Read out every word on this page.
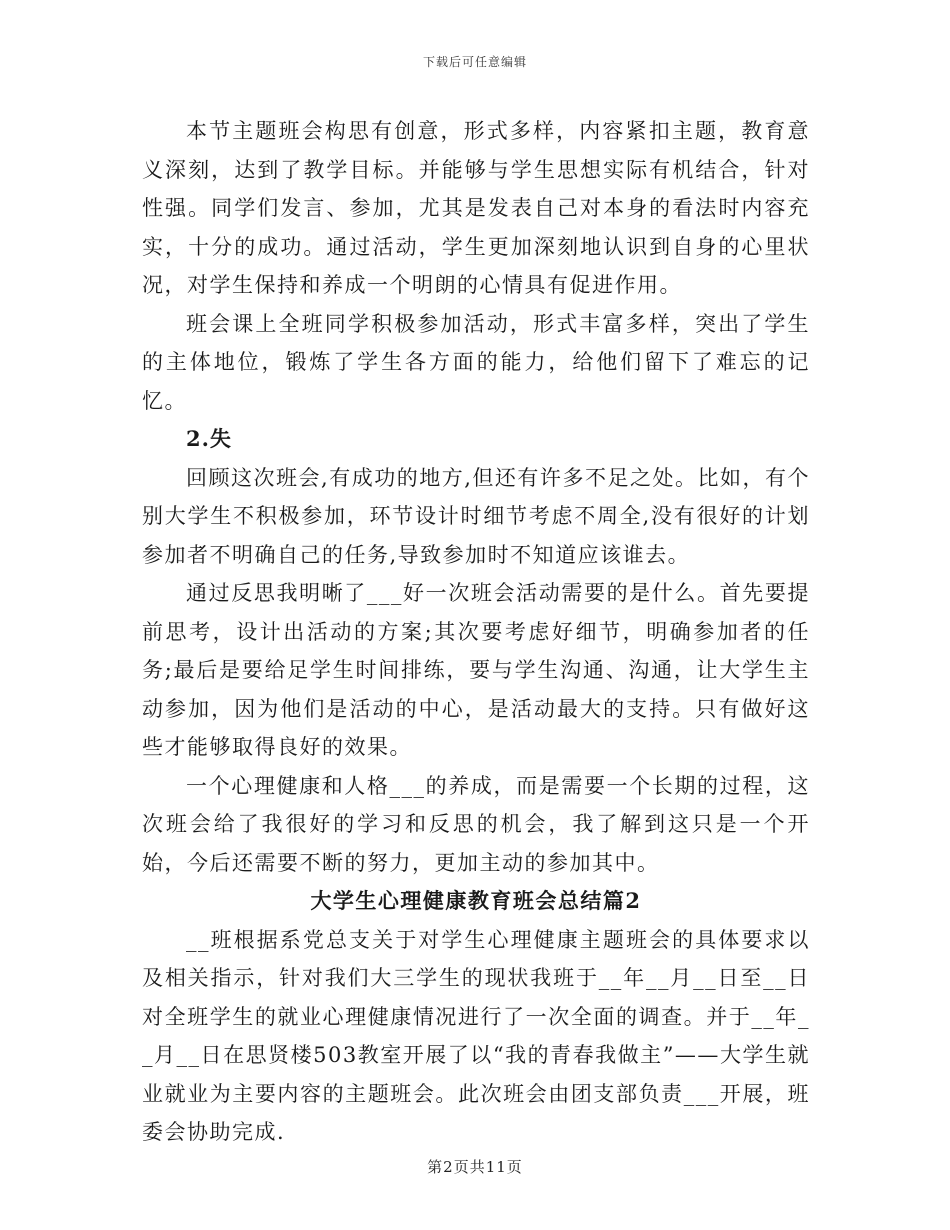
下载后可任意编辑

本节主题班会构思有创意，形式多样，内容紧扣主题，教育意义深刻，达到了教学目标。并能够与学生思想实际有机结合，针对性强。同学们发言、参加，尤其是发表自己对本身的看法时内容充实，十分的成功。通过活动，学生更加深刻地认识到自身的心里状况，对学生保持和养成一个明朗的心情具有促进作用。

班会课上全班同学积极参加活动，形式丰富多样，突出了学生的主体地位，锻炼了学生各方面的能力，给他们留下了难忘的记忆。

2.失

回顾这次班会,有成功的地方,但还有许多不足之处。比如，有个别大学生不积极参加，环节设计时细节考虑不周全,没有很好的计划参加者不明确自己的任务,导致参加时不知道应该谁去。

通过反思我明晰了___好一次班会活动需要的是什么。首先要提前思考，设计出活动的方案;其次要考虑好细节，明确参加者的任务;最后是要给足学生时间排练，要与学生沟通、沟通，让大学生主动参加，因为他们是活动的中心，是活动最大的支持。只有做好这些才能够取得良好的效果。

一个心理健康和人格___的养成，而是需要一个长期的过程，这次班会给了我很好的学习和反思的机会，我了解到这只是一个开始，今后还需要不断的努力，更加主动的参加其中。

大学生心理健康教育班会总结篇2

__班根据系党总支关于对学生心理健康主题班会的具体要求以及相关指示，针对我们大三学生的现状我班于__年__月__日至__日对全班学生的就业心理健康情况进行了一次全面的调查。并于__年__月__日在思贤楼503教室开展了以“我的青春我做主”——大学生就业就业为主要内容的主题班会。此次班会由团支部负责___开展，班委会协助完成.

第2页共11页
